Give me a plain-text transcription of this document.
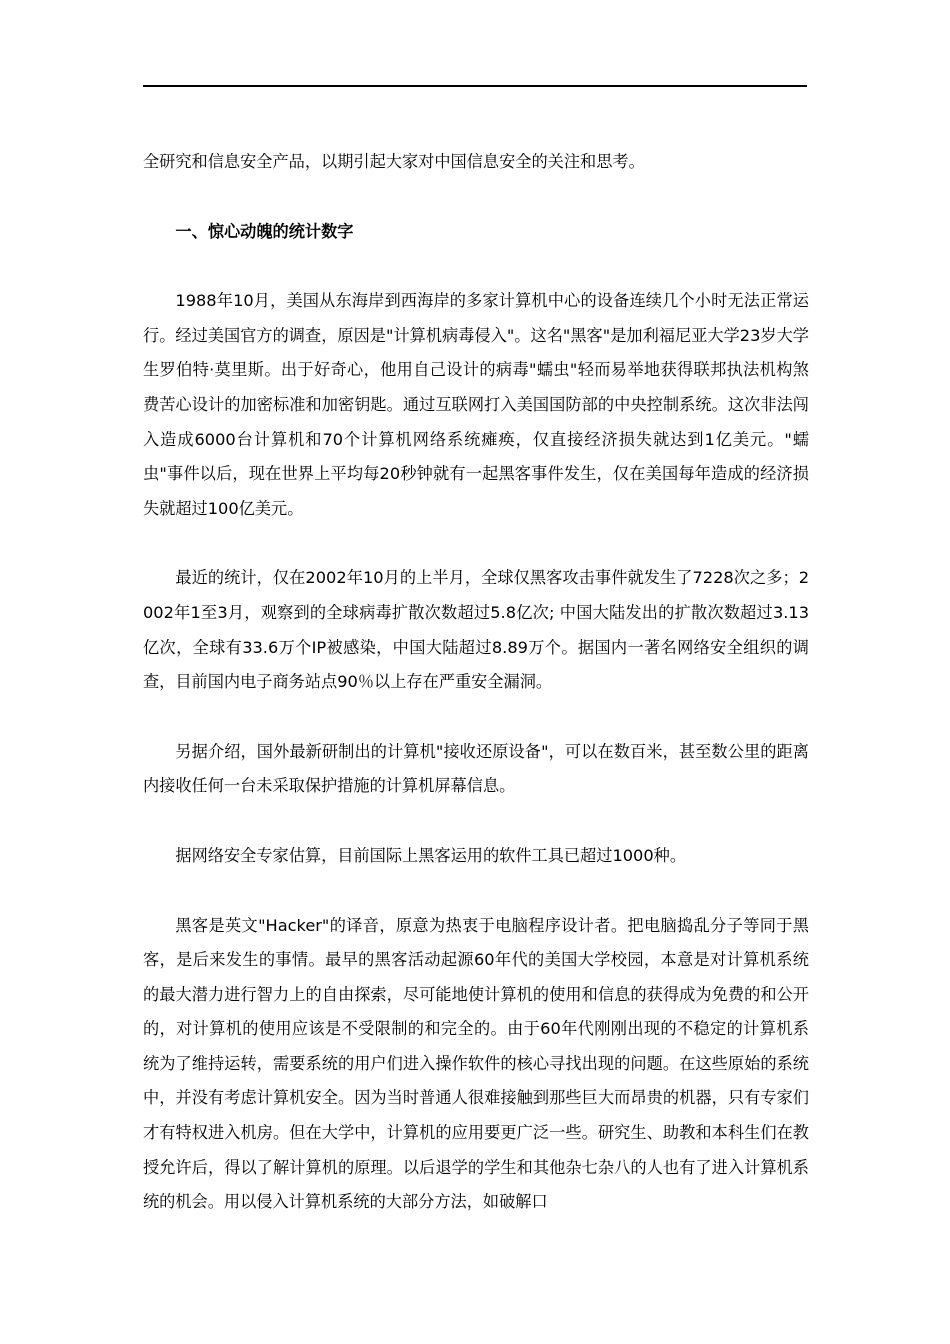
全研究和信息安全产品，以期引起大家对中国信息安全的关注和思考。

一、惊心动魄的统计数字

1988年10月，美国从东海岸到西海岸的多家计算机中心的设备连续几个小时无法正常运行。经过美国官方的调查，原因是"计算机病毒侵入"。这名"黑客"是加利福尼亚大学23岁大学生罗伯特·莫里斯。出于好奇心，他用自己设计的病毒"蠕虫"轻而易举地获得联邦执法机构煞费苦心设计的加密标准和加密钥匙。通过互联网打入美国国防部的中央控制系统。这次非法闯入造成6000台计算机和70个计算机网络系统瘫痪，仅直接经济损失就达到1亿美元。"蠕虫"事件以后，现在世界上平均每20秒钟就有一起黑客事件发生，仅在美国每年造成的经济损失就超过100亿美元。

最近的统计，仅在2002年10月的上半月，全球仅黑客攻击事件就发生了7228次之多；2002年1至3月，观察到的全球病毒扩散次数超过5.8亿次; 中国大陆发出的扩散次数超过3.13亿次，全球有33.6万个IP被感染，中国大陆超过8.89万个。据国内一著名网络安全组织的调查，目前国内电子商务站点90％以上存在严重安全漏洞。

另据介绍，国外最新研制出的计算机"接收还原设备"，可以在数百米，甚至数公里的距离内接收任何一台未采取保护措施的计算机屏幕信息。

据网络安全专家估算，目前国际上黑客运用的软件工具已超过1000种。

黑客是英文"Hacker"的译音，原意为热衷于电脑程序设计者。把电脑捣乱分子等同于黑客，是后来发生的事情。最早的黑客活动起源60年代的美国大学校园，本意是对计算机系统的最大潜力进行智力上的自由探索，尽可能地使计算机的使用和信息的获得成为免费的和公开的，对计算机的使用应该是不受限制的和完全的。由于60年代刚刚出现的不稳定的计算机系统为了维持运转，需要系统的用户们进入操作软件的核心寻找出现的问题。在这些原始的系统中，并没有考虑计算机安全。因为当时普通人很难接触到那些巨大而昂贵的机器，只有专家们才有特权进入机房。但在大学中，计算机的应用要更广泛一些。研究生、助教和本科生们在教授允许后，得以了解计算机的原理。以后退学的学生和其他杂七杂八的人也有了进入计算机系统的机会。用以侵入计算机系统的大部分方法，如破解口
